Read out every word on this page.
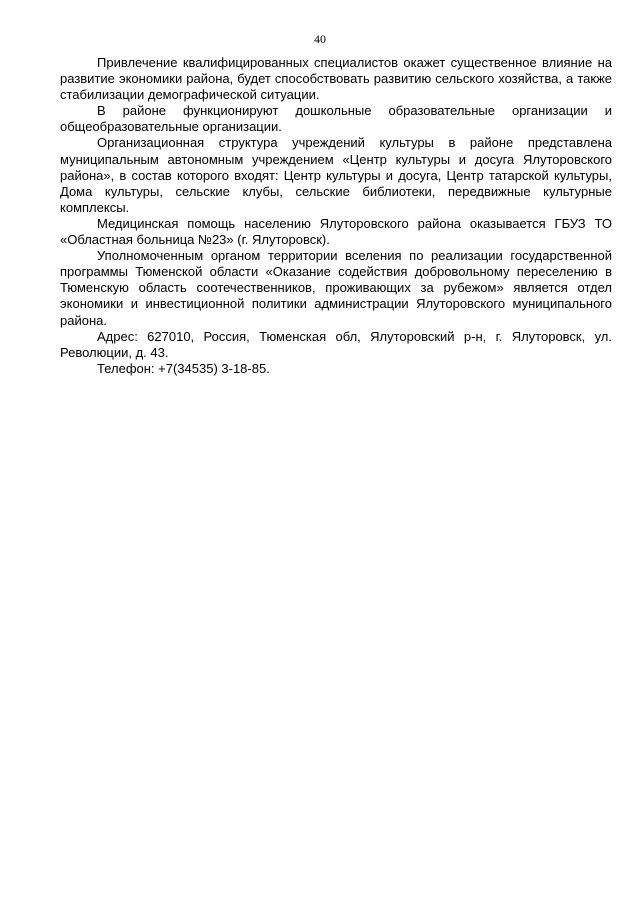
40

Привлечение квалифицированных специалистов окажет существенное влияние на развитие экономики района, будет способствовать развитию сельского хозяйства, а также стабилизации демографической ситуации.

В районе функционируют дошкольные образовательные организации и общеобразовательные организации.

Организационная структура учреждений культуры в районе представлена муниципальным автономным учреждением «Центр культуры и досуга Ялуторовского района», в состав которого входят: Центр культуры и досуга, Центр татарской культуры, Дома культуры, сельские клубы, сельские библиотеки, передвижные культурные комплексы.

Медицинская помощь населению Ялуторовского района оказывается ГБУЗ ТО «Областная больница №23» (г. Ялуторовск).

Уполномоченным органом территории вселения по реализации государственной программы Тюменской области «Оказание содействия добровольному переселению в Тюменскую область соотечественников, проживающих за рубежом» является отдел экономики и инвестиционной политики администрации Ялуторовского муниципального района.

Адрес: 627010, Россия, Тюменская обл, Ялуторовский р-н, г. Ялуторовск, ул. Революции, д. 43.

Телефон: +7(34535) 3-18-85.
